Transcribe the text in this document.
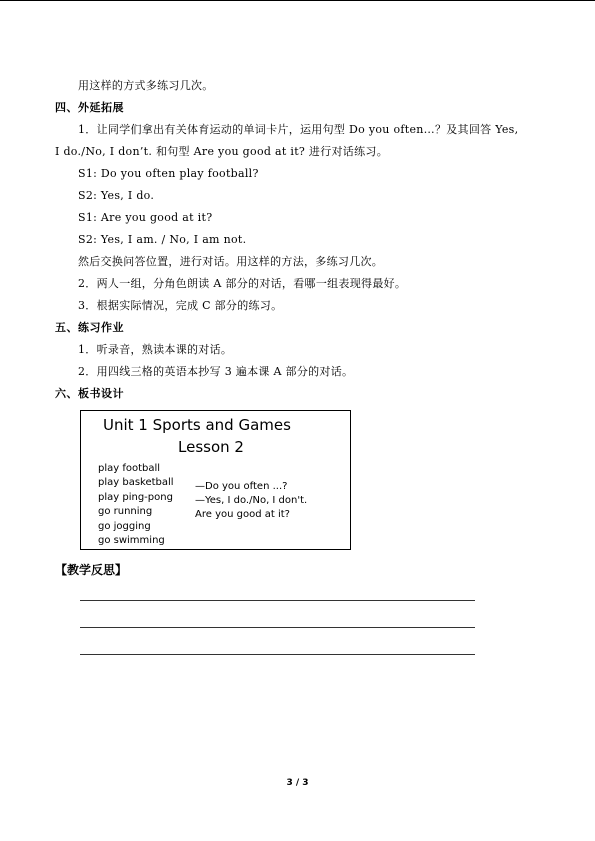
用这样的方式多练习几次。
四、外延拓展
1．让同学们拿出有关体育运动的单词卡片，运用句型 Do you often…？及其回答 Yes,
I do./No, I don’t. 和句型 Are you good at it? 进行对话练习。
S1: Do you often play football?
S2: Yes, I do.
S1: Are you good at it?
S2: Yes, I am. / No, I am not.
然后交换问答位置，进行对话。用这样的方法，多练习几次。
2．两人一组，分角色朗读 A 部分的对话，看哪一组表现得最好。
3．根据实际情况，完成 C 部分的练习。
五、练习作业
1．听录音，熟读本课的对话。
2．用四线三格的英语本抄写 3 遍本课 A 部分的对话。
六、板书设计
Unit 1 Sports and Games
Lesson 2
play football
play basketball
play ping-pong
go running
go jogging
go swimming
—Do you often ...?
—Yes, I do./No, I don't.
Are you good at it?
【教学反思】
3 / 3
